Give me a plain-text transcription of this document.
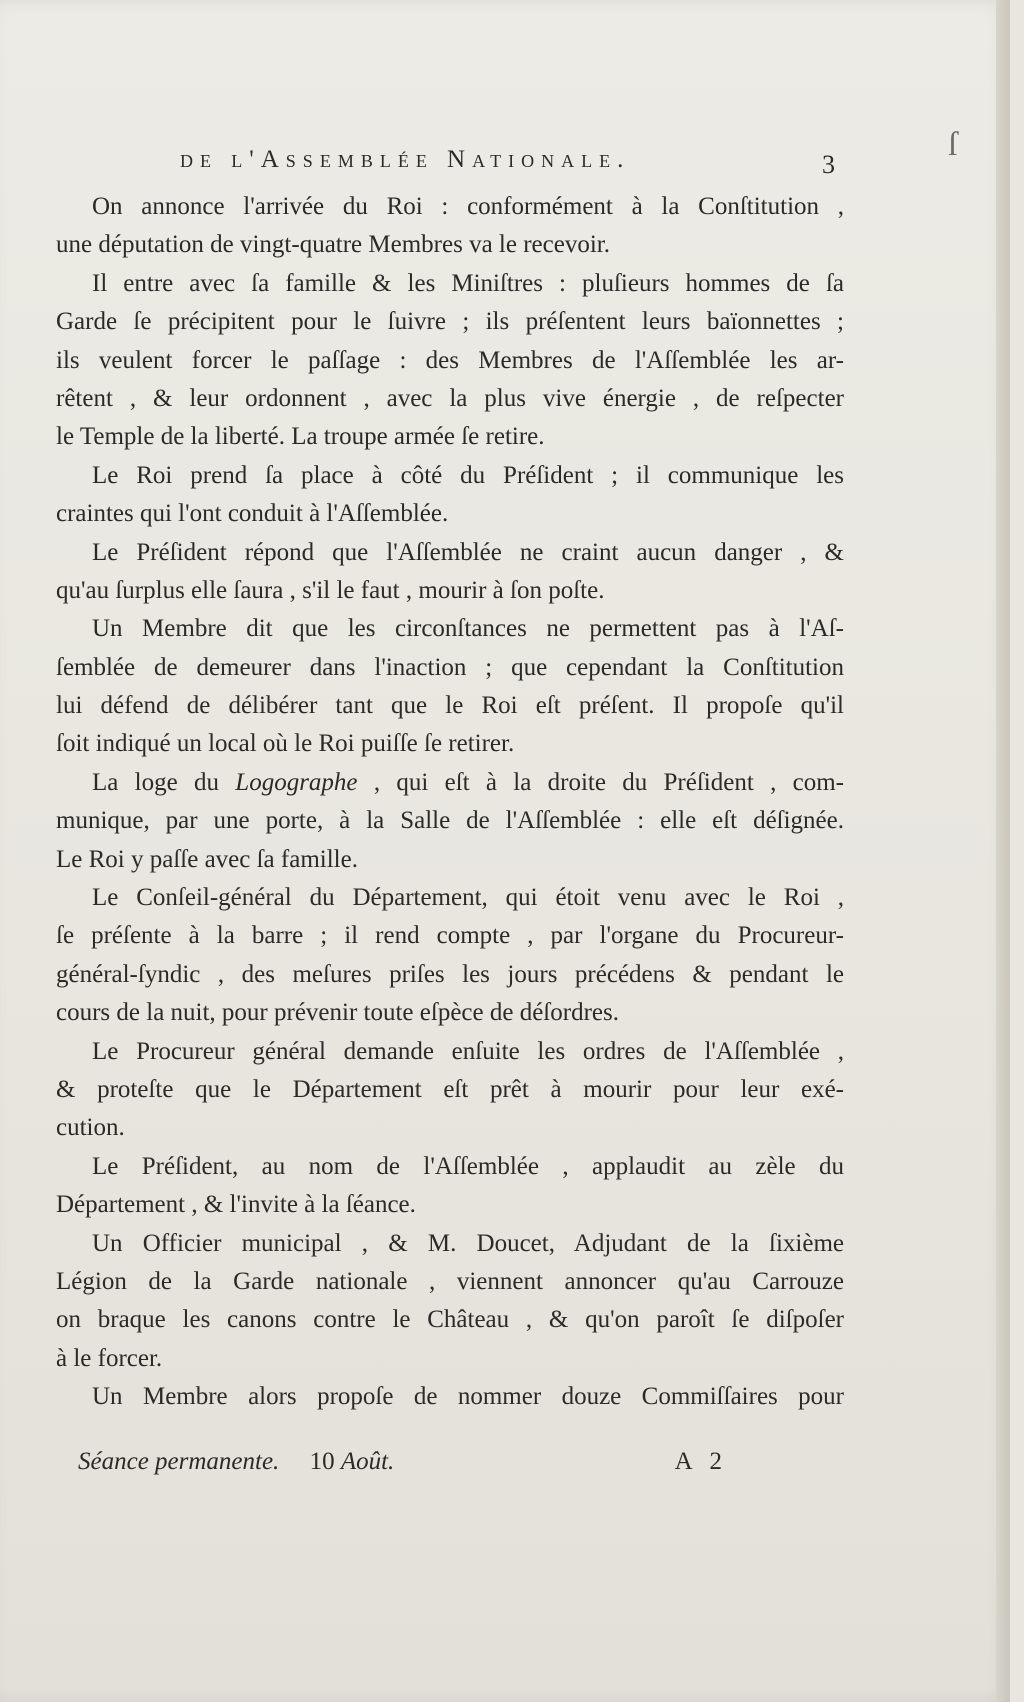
ſ
de l'Assemblée Nationale.	3
On annonce l'arrivée du Roi : conformément à la Conſtitution ,
une députation de vingt-quatre Membres va le recevoir.
Il entre avec ſa famille & les Miniſtres : pluſieurs hommes de ſa
Garde ſe précipitent pour le ſuivre ; ils préſentent leurs baïonnettes ;
ils veulent forcer le paſſage : des Membres de l'Aſſemblée les ar-
rêtent , & leur ordonnent , avec la plus vive énergie , de reſpecter
le Temple de la liberté. La troupe armée ſe retire.
Le Roi prend ſa place à côté du Préſident ; il communique les
craintes qui l'ont conduit à l'Aſſemblée.
Le Préſident répond que l'Aſſemblée ne craint aucun danger , &
qu'au ſurplus elle ſaura , s'il le faut , mourir à ſon poſte.
Un Membre dit que les circonſtances ne permettent pas à l'Aſ-
ſemblée de demeurer dans l'inaction ; que cependant la Conſtitution
lui défend de délibérer tant que le Roi eſt préſent. Il propoſe qu'il
ſoit indiqué un local où le Roi puiſſe ſe retirer.
La loge du Logographe , qui eſt à la droite du Préſident , com-
munique, par une porte, à la Salle de l'Aſſemblée : elle eſt déſignée.
Le Roi y paſſe avec ſa famille.
Le Conſeil-général du Département, qui étoit venu avec le Roi ,
ſe préſente à la barre ; il rend compte , par l'organe du Procureur-
général-ſyndic , des meſures priſes les jours précédens & pendant le
cours de la nuit, pour prévenir toute eſpèce de déſordres.
Le Procureur général demande enſuite les ordres de l'Aſſemblée ,
& proteſte que le Département eſt prêt à mourir pour leur exé-
cution.
Le Préſident, au nom de l'Aſſemblée , applaudit au zèle du
Département , & l'invite à la ſéance.
Un Officier municipal , & M. Doucet, Adjudant de la ſixième
Légion de la Garde nationale , viennent annoncer qu'au Carrouze
on braque les canons contre le Château , & qu'on paroît ſe diſpoſer
à le forcer.
Un Membre alors propoſe de nommer douze Commiſſaires pour
Séance permanente. 10 Août.	A 2
